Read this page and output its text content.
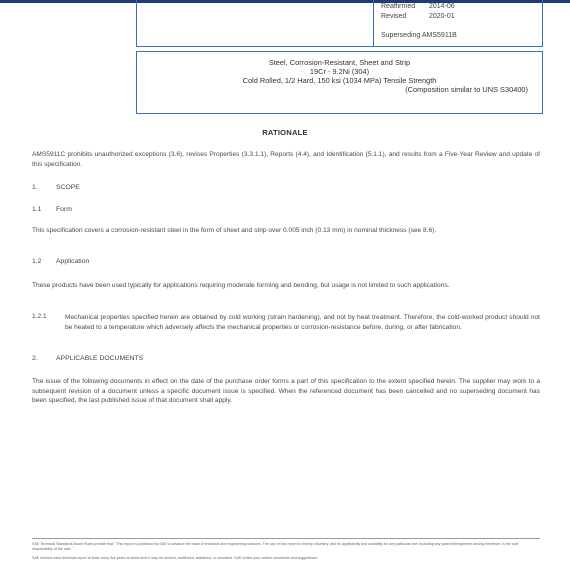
Reaffirmed 2014-06
Revised	2020-01
Superseding AMS5911B
Steel, Corrosion-Resistant, Sheet and Strip
19Cr - 9.2Ni (304)
Cold Rolled, 1/2 Hard, 150 ksi (1034 MPa) Tensile Strength
(Composition similar to UNS S30400)
RATIONALE
AMS5911C prohibits unauthorized exceptions (3.6), revises Properties (3.3.1.1), Reports (4.4), and Identification (5.1.1), and results from a Five-Year Review and update of this specification.
1.	SCOPE
1.1 Form
This specification covers a corrosion-resistant steel in the form of sheet and strip over 0.005 inch (0.13 mm) in nominal thickness (see 8.6).
1.2 Application
These products have been used typically for applications requiring moderate forming and bending, but usage is not limited to such applications.
1.2.1	Mechanical properties specified herein are obtained by cold working (strain hardening), and not by heat treatment. Therefore, the cold-worked product should not be heated to a temperature which adversely affects the mechanical properties or corrosion-resistance before, during, or after fabrication.
2.	APPLICABLE DOCUMENTS
The issue of the following documents in effect on the date of the purchase order forms a part of this specification to the extent specified herein. The supplier may work to a subsequent revision of a document unless a specific document issue is specified. When the referenced document has been cancelled and no superseding document has been specified, the last published issue of that document shall apply.
SAE Technical Standards Board Rules provide that: "This report is published by SAE to advance the state of technical and engineering sciences. The use of this report is entirely voluntary, and its applicability and suitability for any particular use, including any patent infringement arising therefrom, is the sole responsibility of the user."
SAE reviews each technical report at least every five years at which time it may be revised, reaffirmed, stabilized, or cancelled. SAE invites your written comments and suggestions.
